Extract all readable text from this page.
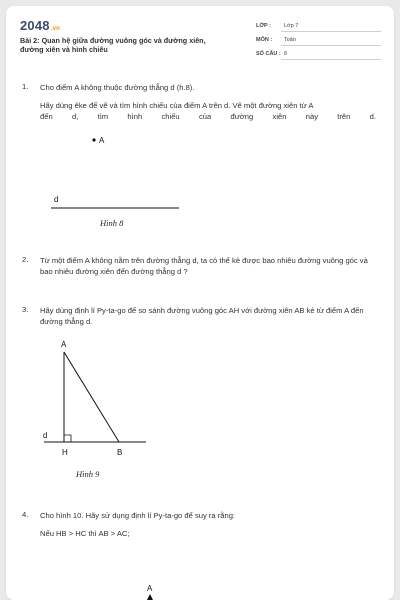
2048.vn
Bài 2: Quan hệ giữa đường vuông góc và đường xiên, đường xiên và hình chiếu
LỚP : Lớp 7
MÔN : Toán
SỐ CÂU : 8
1. Cho điểm A không thuộc đường thẳng d (h.8).
Hãy dùng êke để vẽ và tìm hình chiếu của điểm A trên d. Vẽ một đường xiên từ A
đến d, tìm hình chiếu của đường xiên này trên d.
A
d
Hình 8
2. Từ một điểm A không nằm trên đường thẳng d, ta có thể kẻ được bao nhiêu đường vuông góc và bao nhiêu đường xiên đến đường thẳng d ?
3. Hãy dùng định lí Py-ta-go để so sánh đường vuông góc AH với đường xiên AB kẻ từ điểm A đến đường thẳng d.
A
H	B
d
Hình 9
4. Cho hình 10. Hãy sử dụng định lí Py-ta-go để suy ra rằng:
Nếu HB > HC thì AB > AC;
A
